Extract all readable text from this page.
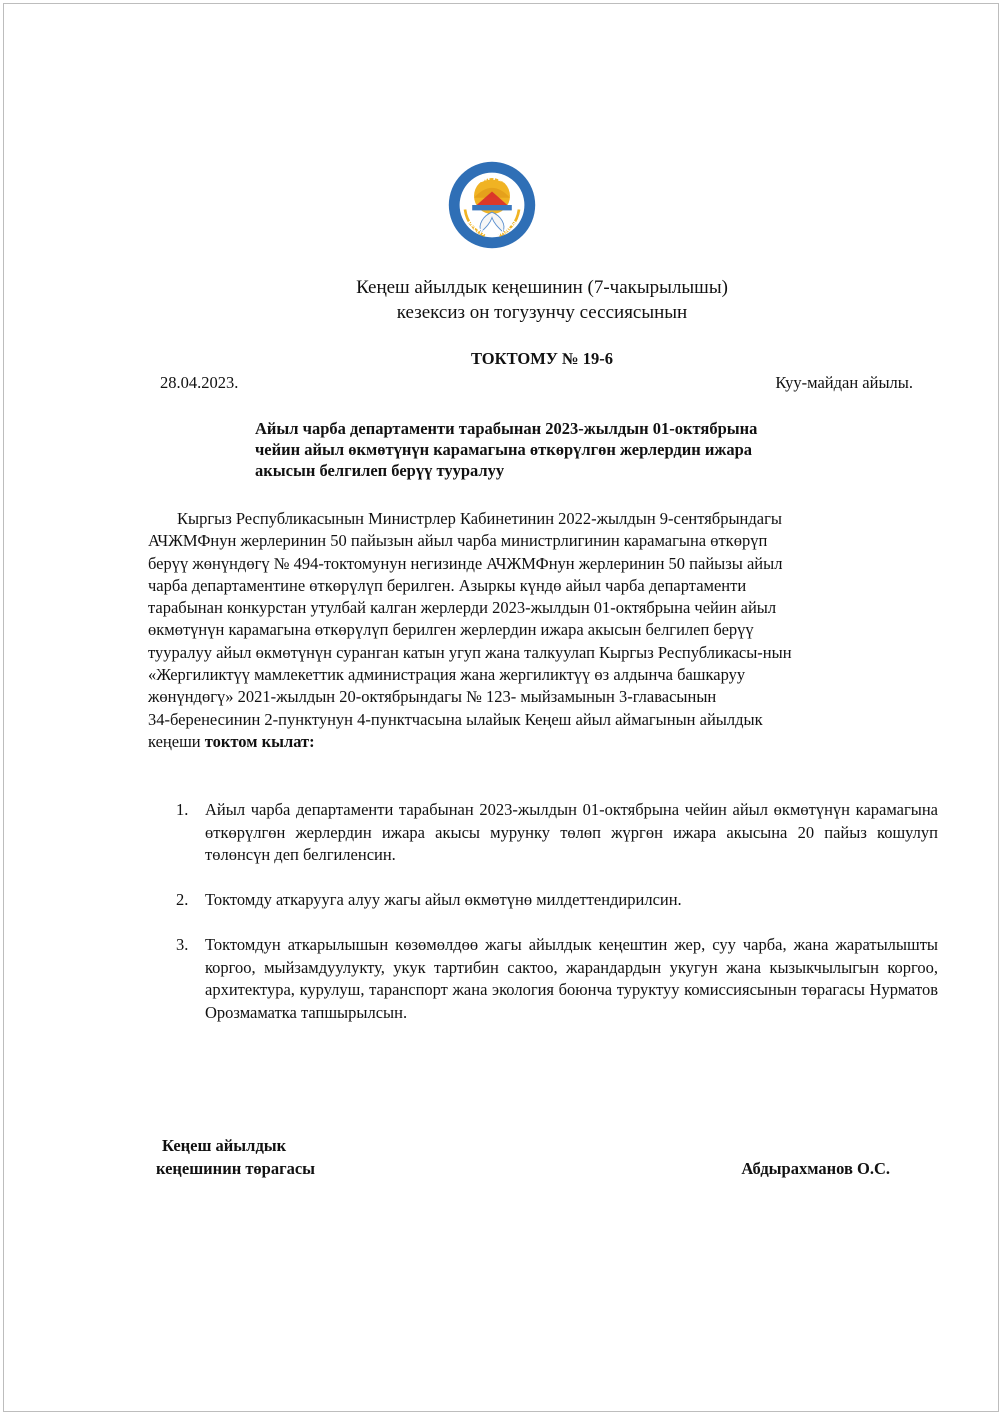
КЫРГЫЗ
РЕСПУБЛИКАСЫ
Кеңеш айылдык кеңешинин (7-чакырылышы)
кезексиз он тогузунчу сессиясынын
ТОКТОМУ № 19-6
28.04.2023.	Куу-майдан айылы.
Айыл чарба департаменти тарабынан 2023-жылдын 01-октябрына
чейин айыл өкмөтүнүн карамагына өткөрүлгөн жерлердин ижара
акысын белгилеп берүү тууралуу
Кыргыз Республикасынын Министрлер Кабинетинин 2022-жылдын 9-сентябрындагы
АЧЖМФнун жерлеринин 50 пайызын айыл чарба министрлигинин карамагына өткөрүп
берүү жөнүндөгү № 494-токтомунун негизинде АЧЖМФнун жерлеринин 50 пайызы айыл
чарба департаментине өткөрүлүп берилген. Азыркы күндө айыл чарба департаменти
тарабынан конкурстан утулбай калган жерлерди 2023-жылдын 01-октябрына чейин айыл
өкмөтүнүн карамагына өткөрүлүп берилген жерлердин ижара акысын белгилеп берүү
тууралуу айыл өкмөтүнүн суранган катын угуп жана талкуулап Кыргыз Республикасы-нын
«Жергиликтүү мамлекеттик администрация жана жергиликтүү өз алдынча башкаруу
жөнүндөгү» 2021-жылдын 20-октябрындагы № 123- мыйзамынын 3-главасынын
34-беренесинин 2-пунктунун 4-пунктчасына ылайык Кеңеш айыл аймагынын айылдык
кеңеши токтом кылат:
1.	Айыл чарба департаменти тарабынан 2023-жылдын 01-октябрына чейин айыл өкмөтүнүн карамагына өткөрүлгөн жерлердин ижара акысы мурунку төлөп жүргөн ижара акысына 20 пайыз кошулуп төлөнсүн деп белгиленсин.
2.	Токтомду аткарууга алуу жагы айыл өкмөтүнө милдеттендирилсин.
3.	Токтомдун аткарылышын көзөмөлдөө жагы айылдык кеңештин жер, суу чарба, жана жаратылышты коргоо, мыйзамдуулукту, укук тартибин сактоо, жарандардын укугун жана кызыкчылыгын коргоо, архитектура, курулуш, таранспорт жана экология боюнча туруктуу комиссиясынын төрагасы Нурматов Орозмаматка тапшырылсын.
Кеңеш айылдык
кеңешинин төрагасы	Абдырахманов О.С.
